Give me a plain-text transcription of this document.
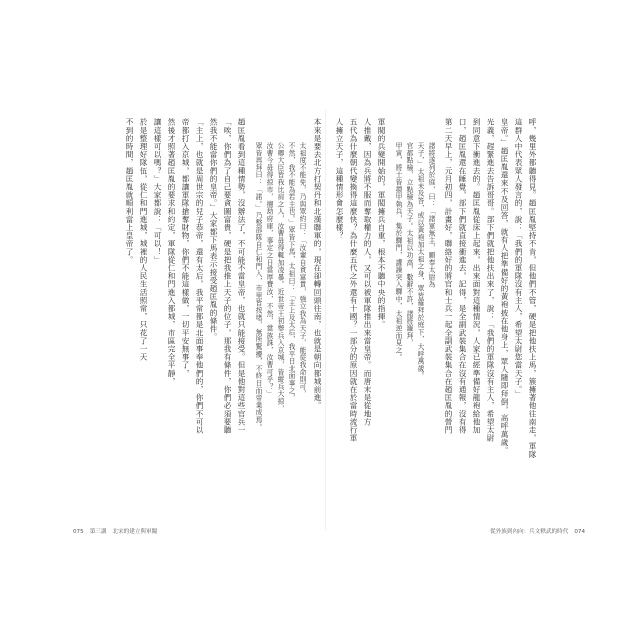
本來是要去北方打契丹和北漢聯軍的，現在卻轉回頭往南，也就是朝向都城前進。
太祖度不能免，乃與眾約曰：「汝輩自貪富貴，強立我為天子，能從我命則可，
不然，我不能為若主也。」眾皆下馬，太祖曰：「主上及太后，我平日北面事之，
公卿大臣皆我比肩之人，汝曹毋得輒加凌暴。近世帝王初舉兵入京城，皆縱兵大掠，
汝曹今毋得掠市，擅劫府庫，事定之日當厚賚汝，不然，當族誅，汝曹可乎？」
眾皆再拜曰：「諾。」乃整部隊自仁和門入，市里皆按堵，無所驚擾，不終日而帝業成焉。
趙匡胤看到這種情勢，沒辦法了，不可能不當皇帝，也就只能接受。但是他對這些官兵一
「唉，你們為了自己要貪圖富貴，硬是把我推上天子的位子，那我有條件，你們必須要聽
然我不能當你們的皇帝。」大家都下馬表示接受趙匡胤的條件。
「主上，也就是周世宗的兒子恭帝，還有太后，我平常都是北面事奉他們的，你們不可以
帝都打入京城，都讓軍隊搶奪財物，你們不能這樣做，一切平安無事了，
然後才照著趙匡胤的要求和約定，軍隊從仁和門進入都城，市區完全平靜，
讓這樣可以嗎？」大家都說：「可以！」
於是整理好隊伍，從仁和門進城，城裡的人民生活照常，只花了一天
不到的時間，趙匡胤就順利當上皇帝了。	人擁立天子，這種情形會怎麼樣？ 五代為什麼朝代變換得這麼快？為什麼五代之外還有十國？一部分的原因就在於當時流行軍 人推戴，因為兵將不服而奪取權力的人，又可以被軍隊推出來當皇帝。而唐末是從地方 軍閥的兵變開始的，軍閥擁兵自重，根本不聽中央的指揮。 甲寅，將士皆擐甲執兵，集於驛門，讙譟突入驛中，太祖逆而見之。 官都點檢，立點檢為天子。太祖以功高，數辭不許，諸將羅拜， 天子，」太祖未及答，或以黃袍加太祖之身，眾皆羅拜於庭下，大呼萬歲。 諸將遂列於庭，曰：「諸軍無主，願奉太尉為 第二天早上，元月初四，計畫好，聯絡好的將官和士兵一起全副武裝集合在趙匡胤的營門 口，趙匡胤還在睡覺，部下們就直接衝進去，記得，是全副武裝集合在沒有通報，沒有得 到同意下衝進去的。趙匡胤從床上起來，出來面對這種情況，人家已經準備好龍袍給他加 光義，趕緊進去告訴哥哥。部下們就把他扶出來了，說：「我們的軍隊沒有主人，希望太尉 皇帝。」趙匡胤還來不及回答，就有人把準備好的黃袍披在他身上，眾人隨即拜倒，高呼萬歲。 這群人中代表眾人發言的，說：「我們的軍隊沒有主人，希望太尉您當天子。」 呼，幾里外都聽得見。趙匡胤堅持不肯，但他們不管，硬是把他扶上馬，簇擁著他往南走，軍隊
075 第三講 北宋的建立與軍閥	從外族到內向：兵文軼武的時代 074
